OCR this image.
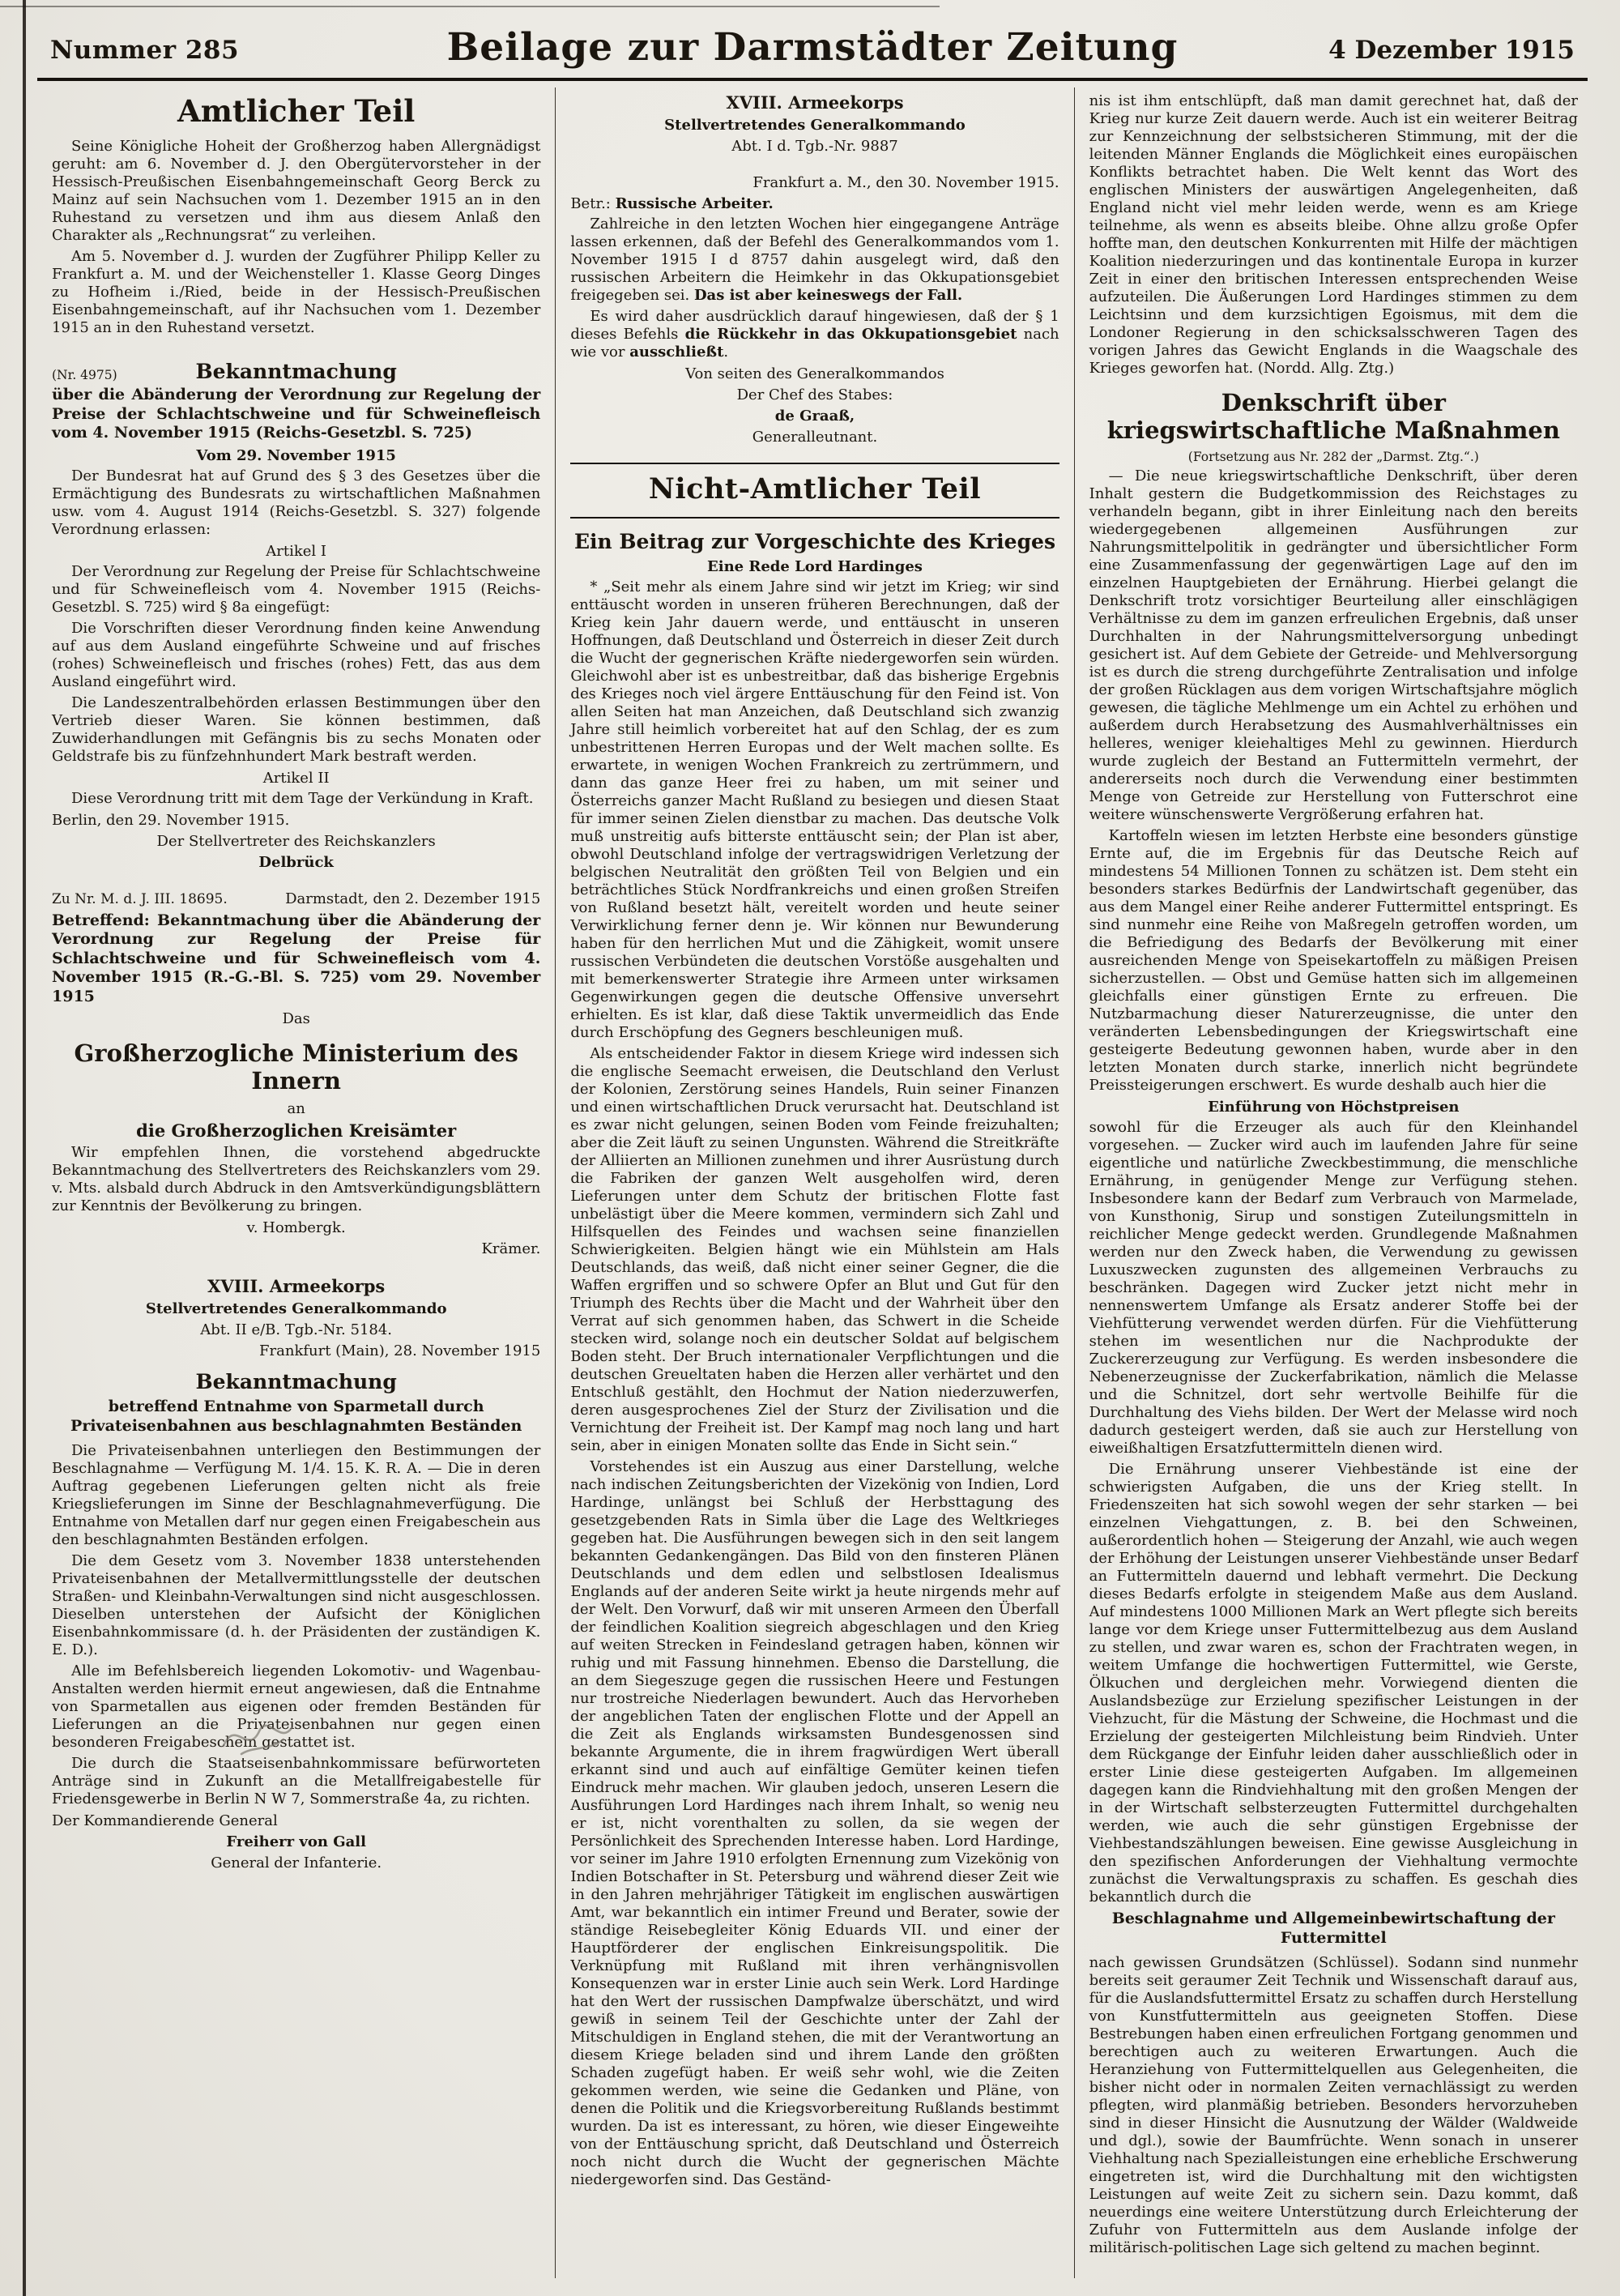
Nummer 285	Beilage zur Darmstädter Zeitung	4 Dezember 1915
Amtlicher Teil
Seine Königliche Hoheit der Großherzog haben Allergnädigst geruht: am 6. November d. J. den Obergütervorsteher in der Hessisch-Preußischen Eisenbahngemeinschaft Georg Berck zu Mainz auf sein Nachsuchen vom 1. Dezember 1915 an in den Ruhestand zu versetzen und ihm aus diesem Anlaß den Charakter als „Rechnungsrat“ zu verleihen.
Am 5. November d. J. wurden der Zugführer Philipp Keller zu Frankfurt a. M. und der Weichensteller 1. Klasse Georg Dinges zu Hofheim i./Ried, beide in der Hessisch-Preußischen Eisenbahngemeinschaft, auf ihr Nachsuchen vom 1. Dezember 1915 an in den Ruhestand versetzt.
(Nr. 4975)	Bekanntmachung
über die Abänderung der Verordnung zur Regelung der Preise der Schlachtschweine und für Schweinefleisch vom 4. November 1915 (Reichs-Gesetzbl. S. 725)
Vom 29. November 1915
Der Bundesrat hat auf Grund des § 3 des Gesetzes über die Ermächtigung des Bundesrats zu wirtschaftlichen Maßnahmen usw. vom 4. August 1914 (Reichs-Gesetzbl. S. 327) folgende Verordnung erlassen:
Artikel I
Der Verordnung zur Regelung der Preise für Schlachtschweine und für Schweinefleisch vom 4. November 1915 (Reichs-Gesetzbl. S. 725) wird § 8a eingefügt:
Die Vorschriften dieser Verordnung finden keine Anwendung auf aus dem Ausland eingeführte Schweine und auf frisches (rohes) Schweinefleisch und frisches (rohes) Fett, das aus dem Ausland eingeführt wird.
Die Landeszentralbehörden erlassen Bestimmungen über den Vertrieb dieser Waren. Sie können bestimmen, daß Zuwiderhandlungen mit Gefängnis bis zu sechs Monaten oder Geldstrafe bis zu fünfzehnhundert Mark bestraft werden.
Artikel II
Diese Verordnung tritt mit dem Tage der Verkündung in Kraft.
Berlin, den 29. November 1915.
Der Stellvertreter des Reichskanzlers
Delbrück
Zu Nr. M. d. J. III. 18695.	Darmstadt, den 2. Dezember 1915
Betreffend: Bekanntmachung über die Abänderung der Verordnung zur Regelung der Preise für Schlachtschweine und für Schweinefleisch vom 4. November 1915 (R.-G.-Bl. S. 725) vom 29. November 1915
Das
Großherzogliche Ministerium des Innern
an
die Großherzoglichen Kreisämter
Wir empfehlen Ihnen, die vorstehend abgedruckte Bekanntmachung des Stellvertreters des Reichskanzlers vom 29. v. Mts. alsbald durch Abdruck in den Amtsverkündigungsblättern zur Kenntnis der Bevölkerung zu bringen.
v. Hombergk.
Krämer.
XVIII. Armeekorps
Stellvertretendes Generalkommando
Abt. II e/B. Tgb.-Nr. 5184.
Frankfurt (Main), 28. November 1915
Bekanntmachung
betreffend Entnahme von Sparmetall durch Privateisenbahnen aus beschlagnahmten Beständen
Die Privateisenbahnen unterliegen den Bestimmungen der Beschlagnahme — Verfügung M. 1/4. 15. K. R. A. — Die in deren Auftrag gegebenen Lieferungen gelten nicht als freie Kriegslieferungen im Sinne der Beschlagnahmeverfügung. Die Entnahme von Metallen darf nur gegen einen Freigabeschein aus den beschlagnahmten Beständen erfolgen.
Die dem Gesetz vom 3. November 1838 unterstehenden Privateisenbahnen der Metallvermittlungsstelle der deutschen Straßen- und Kleinbahn-Verwaltungen sind nicht ausgeschlossen. Dieselben unterstehen der Aufsicht der Königlichen Eisenbahnkommissare (d. h. der Präsidenten der zuständigen K. E. D.).
Alle im Befehlsbereich liegenden Lokomotiv- und Wagenbau-Anstalten werden hiermit erneut angewiesen, daß die Entnahme von Sparmetallen aus eigenen oder fremden Beständen für Lieferungen an die Privateisenbahnen nur gegen einen besonderen Freigabeschein gestattet ist.
Die durch die Staatseisenbahnkommissare befürworteten Anträge sind in Zukunft an die Metallfreigabestelle für Friedensgewerbe in Berlin N W 7, Sommerstraße 4a, zu richten.
Der Kommandierende General
Freiherr von Gall
General der Infanterie.
XVIII. Armeekorps
Stellvertretendes Generalkommando
Abt. I d. Tgb.-Nr. 9887
Frankfurt a. M., den 30. November 1915.
Betr.: Russische Arbeiter.
Zahlreiche in den letzten Wochen hier eingegangene Anträge lassen erkennen, daß der Befehl des Generalkommandos vom 1. November 1915 I d 8757 dahin ausgelegt wird, daß den russischen Arbeitern die Heimkehr in das Okkupationsgebiet freigegeben sei. Das ist aber keineswegs der Fall.
Es wird daher ausdrücklich darauf hingewiesen, daß der § 1 dieses Befehls die Rückkehr in das Okkupationsgebiet nach wie vor ausschließt.
Von seiten des Generalkommandos
Der Chef des Stabes:
de Graaß,
Generalleutnant.
Nicht-Amtlicher Teil
Ein Beitrag zur Vorgeschichte des Krieges
Eine Rede Lord Hardinges
* „Seit mehr als einem Jahre sind wir jetzt im Krieg; wir sind enttäuscht worden in unseren früheren Berechnungen, daß der Krieg kein Jahr dauern werde, und enttäuscht in unseren Hoffnungen, daß Deutschland und Österreich in dieser Zeit durch die Wucht der gegnerischen Kräfte niedergeworfen sein würden. Gleichwohl aber ist es unbestreitbar, daß das bisherige Ergebnis des Krieges noch viel ärgere Enttäuschung für den Feind ist. Von allen Seiten hat man Anzeichen, daß Deutschland sich zwanzig Jahre still heimlich vorbereitet hat auf den Schlag, der es zum unbestrittenen Herren Europas und der Welt machen sollte. Es erwartete, in wenigen Wochen Frankreich zu zertrümmern, und dann das ganze Heer frei zu haben, um mit seiner und Österreichs ganzer Macht Rußland zu besiegen und diesen Staat für immer seinen Zielen dienstbar zu machen. Das deutsche Volk muß unstreitig aufs bitterste enttäuscht sein; der Plan ist aber, obwohl Deutschland infolge der vertragswidrigen Verletzung der belgischen Neutralität den größten Teil von Belgien und ein beträchtliches Stück Nordfrankreichs und einen großen Streifen von Rußland besetzt hält, vereitelt worden und heute seiner Verwirklichung ferner denn je. Wir können nur Bewunderung haben für den herrlichen Mut und die Zähigkeit, womit unsere russischen Verbündeten die deutschen Vorstöße ausgehalten und mit bemerkenswerter Strategie ihre Armeen unter wirksamen Gegenwirkungen gegen die deutsche Offensive unversehrt erhielten. Es ist klar, daß diese Taktik unvermeidlich das Ende durch Erschöpfung des Gegners beschleunigen muß.
Als entscheidender Faktor in diesem Kriege wird indessen sich die englische Seemacht erweisen, die Deutschland den Verlust der Kolonien, Zerstörung seines Handels, Ruin seiner Finanzen und einen wirtschaftlichen Druck verursacht hat. Deutschland ist es zwar nicht gelungen, seinen Boden vom Feinde freizuhalten; aber die Zeit läuft zu seinen Ungunsten. Während die Streitkräfte der Alliierten an Millionen zunehmen und ihrer Ausrüstung durch die Fabriken der ganzen Welt ausgeholfen wird, deren Lieferungen unter dem Schutz der britischen Flotte fast unbelästigt über die Meere kommen, vermindern sich Zahl und Hilfsquellen des Feindes und wachsen seine finanziellen Schwierigkeiten. Belgien hängt wie ein Mühlstein am Hals Deutschlands, das weiß, daß nicht einer seiner Gegner, die die Waffen ergriffen und so schwere Opfer an Blut und Gut für den Triumph des Rechts über die Macht und der Wahrheit über den Verrat auf sich genommen haben, das Schwert in die Scheide stecken wird, solange noch ein deutscher Soldat auf belgischem Boden steht. Der Bruch internationaler Verpflichtungen und die deutschen Greueltaten haben die Herzen aller verhärtet und den Entschluß gestählt, den Hochmut der Nation niederzuwerfen, deren ausgesprochenes Ziel der Sturz der Zivilisation und die Vernichtung der Freiheit ist. Der Kampf mag noch lang und hart sein, aber in einigen Monaten sollte das Ende in Sicht sein.“
Vorstehendes ist ein Auszug aus einer Darstellung, welche nach indischen Zeitungsberichten der Vizekönig von Indien, Lord Hardinge, unlängst bei Schluß der Herbsttagung des gesetzgebenden Rats in Simla über die Lage des Weltkrieges gegeben hat. Die Ausführungen bewegen sich in den seit langem bekannten Gedankengängen. Das Bild von den finsteren Plänen Deutschlands und dem edlen und selbstlosen Idealismus Englands auf der anderen Seite wirkt ja heute nirgends mehr auf der Welt. Den Vorwurf, daß wir mit unseren Armeen den Überfall der feindlichen Koalition siegreich abgeschlagen und den Krieg auf weiten Strecken in Feindesland getragen haben, können wir ruhig und mit Fassung hinnehmen. Ebenso die Darstellung, die an dem Siegeszuge gegen die russischen Heere und Festungen nur trostreiche Niederlagen bewundert. Auch das Hervorheben der angeblichen Taten der englischen Flotte und der Appell an die Zeit als Englands wirksamsten Bundesgenossen sind bekannte Argumente, die in ihrem fragwürdigen Wert überall erkannt sind und auch auf einfältige Gemüter keinen tiefen Eindruck mehr machen. Wir glauben jedoch, unseren Lesern die Ausführungen Lord Hardinges nach ihrem Inhalt, so wenig neu er ist, nicht vorenthalten zu sollen, da sie wegen der Persönlichkeit des Sprechenden Interesse haben. Lord Hardinge, vor seiner im Jahre 1910 erfolgten Ernennung zum Vizekönig von Indien Botschafter in St. Petersburg und während dieser Zeit wie in den Jahren mehrjähriger Tätigkeit im englischen auswärtigen Amt, war bekanntlich ein intimer Freund und Berater, sowie der ständige Reisebegleiter König Eduards VII. und einer der Hauptförderer der englischen Einkreisungspolitik. Die Verknüpfung mit Rußland mit ihren verhängnisvollen Konsequenzen war in erster Linie auch sein Werk. Lord Hardinge hat den Wert der russischen Dampfwalze überschätzt, und wird gewiß in seinem Teil der Geschichte unter der Zahl der Mitschuldigen in England stehen, die mit der Verantwortung an diesem Kriege beladen sind und ihrem Lande den größten Schaden zugefügt haben. Er weiß sehr wohl, wie die Zeiten gekommen werden, wie seine die Gedanken und Pläne, von denen die Politik und die Kriegsvorbereitung Rußlands bestimmt wurden. Da ist es interessant, zu hören, wie dieser Eingeweihte von der Enttäuschung spricht, daß Deutschland und Österreich noch nicht durch die Wucht der gegnerischen Mächte niedergeworfen sind. Das Geständ-
nis ist ihm entschlüpft, daß man damit gerechnet hat, daß der Krieg nur kurze Zeit dauern werde. Auch ist ein weiterer Beitrag zur Kennzeichnung der selbstsicheren Stimmung, mit der die leitenden Männer Englands die Möglichkeit eines europäischen Konflikts betrachtet haben. Die Welt kennt das Wort des englischen Ministers der auswärtigen Angelegenheiten, daß England nicht viel mehr leiden werde, wenn es am Kriege teilnehme, als wenn es abseits bleibe. Ohne allzu große Opfer hoffte man, den deutschen Konkurrenten mit Hilfe der mächtigen Koalition niederzuringen und das kontinentale Europa in kurzer Zeit in einer den britischen Interessen entsprechenden Weise aufzuteilen. Die Äußerungen Lord Hardinges stimmen zu dem Leichtsinn und dem kurzsichtigen Egoismus, mit dem die Londoner Regierung in den schicksalsschweren Tagen des vorigen Jahres das Gewicht Englands in die Waagschale des Krieges geworfen hat. (Nordd. Allg. Ztg.)
Denkschrift über kriegswirtschaftliche Maßnahmen
(Fortsetzung aus Nr. 282 der „Darmst. Ztg.“.)
— Die neue kriegswirtschaftliche Denkschrift, über deren Inhalt gestern die Budgetkommission des Reichstages zu verhandeln begann, gibt in ihrer Einleitung nach den bereits wiedergegebenen allgemeinen Ausführungen zur Nahrungsmittelpolitik in gedrängter und übersichtlicher Form eine Zusammenfassung der gegenwärtigen Lage auf den im einzelnen Hauptgebieten der Ernährung. Hierbei gelangt die Denkschrift trotz vorsichtiger Beurteilung aller einschlägigen Verhältnisse zu dem im ganzen erfreulichen Ergebnis, daß unser Durchhalten in der Nahrungsmittelversorgung unbedingt gesichert ist. Auf dem Gebiete der Getreide- und Mehlversorgung ist es durch die streng durchgeführte Zentralisation und infolge der großen Rücklagen aus dem vorigen Wirtschaftsjahre möglich gewesen, die tägliche Mehlmenge um ein Achtel zu erhöhen und außerdem durch Herabsetzung des Ausmahlverhältnisses ein helleres, weniger kleiehaltiges Mehl zu gewinnen. Hierdurch wurde zugleich der Bestand an Futtermitteln vermehrt, der andererseits noch durch die Verwendung einer bestimmten Menge von Getreide zur Herstellung von Futterschrot eine weitere wünschenswerte Vergrößerung erfahren hat.
Kartoffeln wiesen im letzten Herbste eine besonders günstige Ernte auf, die im Ergebnis für das Deutsche Reich auf mindestens 54 Millionen Tonnen zu schätzen ist. Dem steht ein besonders starkes Bedürfnis der Landwirtschaft gegenüber, das aus dem Mangel einer Reihe anderer Futtermittel entspringt. Es sind nunmehr eine Reihe von Maßregeln getroffen worden, um die Befriedigung des Bedarfs der Bevölkerung mit einer ausreichenden Menge von Speisekartoffeln zu mäßigen Preisen sicherzustellen. — Obst und Gemüse hatten sich im allgemeinen gleichfalls einer günstigen Ernte zu erfreuen. Die Nutzbarmachung dieser Naturerzeugnisse, die unter den veränderten Lebensbedingungen der Kriegswirtschaft eine gesteigerte Bedeutung gewonnen haben, wurde aber in den letzten Monaten durch starke, innerlich nicht begründete Preissteigerungen erschwert. Es wurde deshalb auch hier die
Einführung von Höchstpreisen
sowohl für die Erzeuger als auch für den Kleinhandel vorgesehen. — Zucker wird auch im laufenden Jahre für seine eigentliche und natürliche Zweckbestimmung, die menschliche Ernährung, in genügender Menge zur Verfügung stehen. Insbesondere kann der Bedarf zum Verbrauch von Marmelade, von Kunsthonig, Sirup und sonstigen Zuteilungsmitteln in reichlicher Menge gedeckt werden. Grundlegende Maßnahmen werden nur den Zweck haben, die Verwendung zu gewissen Luxuszwecken zugunsten des allgemeinen Verbrauchs zu beschränken. Dagegen wird Zucker jetzt nicht mehr in nennenswertem Umfange als Ersatz anderer Stoffe bei der Viehfütterung verwendet werden dürfen. Für die Viehfütterung stehen im wesentlichen nur die Nachprodukte der Zuckererzeugung zur Verfügung. Es werden insbesondere die Nebenerzeugnisse der Zuckerfabrikation, nämlich die Melasse und die Schnitzel, dort sehr wertvolle Beihilfe für die Durchhaltung des Viehs bilden. Der Wert der Melasse wird noch dadurch gesteigert werden, daß sie auch zur Herstellung von eiweißhaltigen Ersatzfuttermitteln dienen wird.
Die Ernährung unserer Viehbestände ist eine der schwierigsten Aufgaben, die uns der Krieg stellt. In Friedenszeiten hat sich sowohl wegen der sehr starken — bei einzelnen Viehgattungen, z. B. bei den Schweinen, außerordentlich hohen — Steigerung der Anzahl, wie auch wegen der Erhöhung der Leistungen unserer Viehbestände unser Bedarf an Futtermitteln dauernd und lebhaft vermehrt. Die Deckung dieses Bedarfs erfolgte in steigendem Maße aus dem Ausland. Auf mindestens 1000 Millionen Mark an Wert pflegte sich bereits lange vor dem Kriege unser Futtermittelbezug aus dem Ausland zu stellen, und zwar waren es, schon der Frachtraten wegen, in weitem Umfange die hochwertigen Futtermittel, wie Gerste, Ölkuchen und dergleichen mehr. Vorwiegend dienten die Auslandsbezüge zur Erzielung spezifischer Leistungen in der Viehzucht, für die Mästung der Schweine, die Hochmast und die Erzielung der gesteigerten Milchleistung beim Rindvieh. Unter dem Rückgange der Einfuhr leiden daher ausschließlich oder in erster Linie diese gesteigerten Aufgaben. Im allgemeinen dagegen kann die Rindviehhaltung mit den großen Mengen der in der Wirtschaft selbsterzeugten Futtermittel durchgehalten werden, wie auch die sehr günstigen Ergebnisse der Viehbestandszählungen beweisen. Eine gewisse Ausgleichung in den spezifischen Anforderungen der Viehhaltung vermochte zunächst die Verwaltungspraxis zu schaffen. Es geschah dies bekanntlich durch die
Beschlagnahme und Allgemeinbewirtschaftung der Futtermittel
nach gewissen Grundsätzen (Schlüssel). Sodann sind nunmehr bereits seit geraumer Zeit Technik und Wissenschaft darauf aus, für die Auslandsfuttermittel Ersatz zu schaffen durch Herstellung von Kunstfuttermitteln aus geeigneten Stoffen. Diese Bestrebungen haben einen erfreulichen Fortgang genommen und berechtigen auch zu weiteren Erwartungen. Auch die Heranziehung von Futtermittelquellen aus Gelegenheiten, die bisher nicht oder in normalen Zeiten vernachlässigt zu werden pflegten, wird planmäßig betrieben. Besonders hervorzuheben sind in dieser Hinsicht die Ausnutzung der Wälder (Waldweide und dgl.), sowie der Baumfrüchte. Wenn sonach in unserer Viehhaltung nach Spezialleistungen eine erhebliche Erschwerung eingetreten ist, wird die Durchhaltung mit den wichtigsten Leistungen auf weite Zeit zu sichern sein. Dazu kommt, daß neuerdings eine weitere Unterstützung durch Erleichterung der Zufuhr von Futtermitteln aus dem Auslande infolge der militärisch-politischen Lage sich geltend zu machen beginnt.
